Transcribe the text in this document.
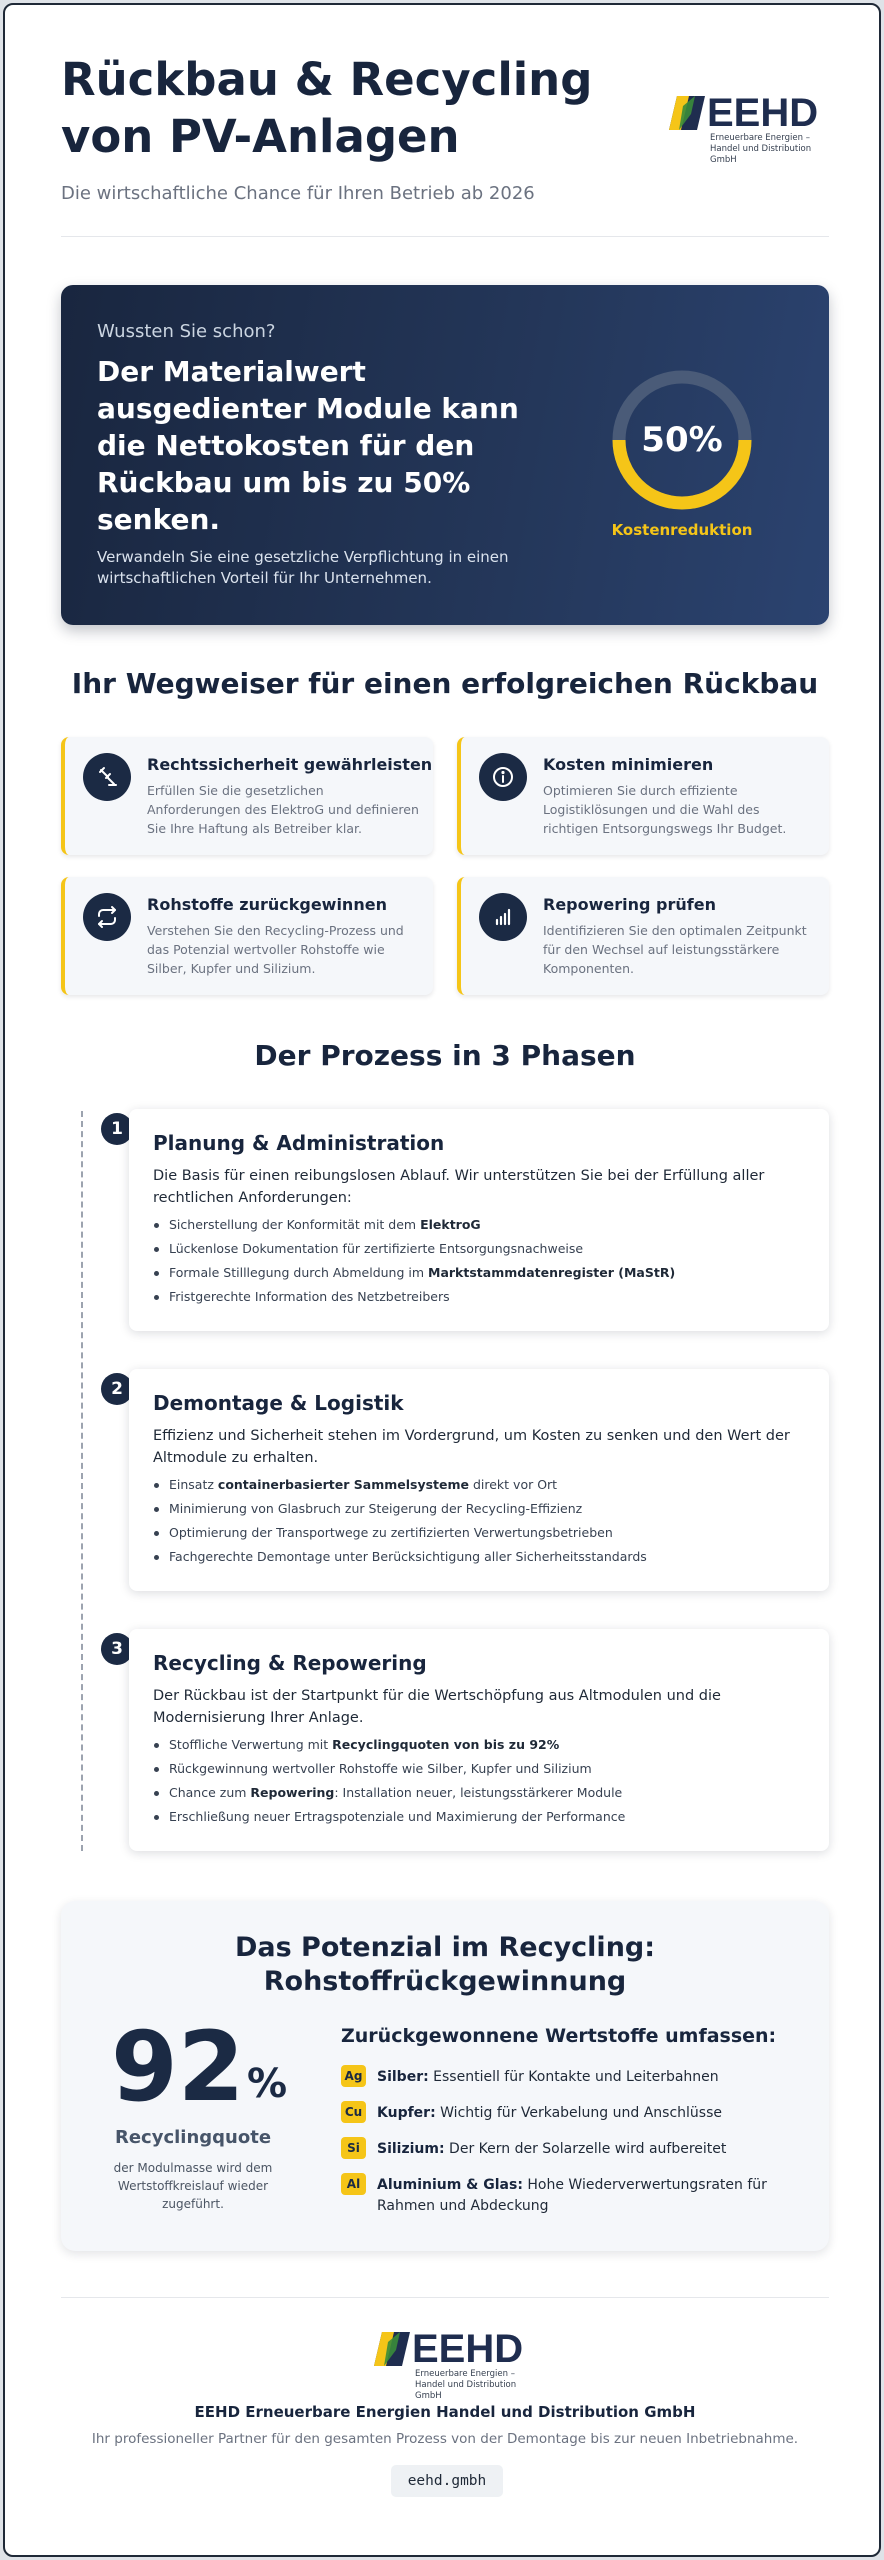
Rückbau & Recycling von PV-Anlagen
Die wirtschaftliche Chance für Ihren Betrieb ab 2026
EEHD
Erneuerbare Energien –
Handel und Distribution GmbH
Wussten Sie schon?
Der Materialwert ausgedienter Module kann die Nettokosten für den Rückbau um bis zu 50% senken.
Verwandeln Sie eine gesetzliche Verpflichtung in einen wirtschaftlichen Vorteil für Ihr Unternehmen.
50%
Kostenreduktion
Ihr Wegweiser für einen erfolgreichen Rückbau
Rechtssicherheit gewährleisten
Erfüllen Sie die gesetzlichen Anforderungen des ElektroG und definieren Sie Ihre Haftung als Betreiber klar.
Kosten minimieren
Optimieren Sie durch effiziente Logistiklösungen und die Wahl des richtigen Entsorgungswegs Ihr Budget.
Rohstoffe zurückgewinnen
Verstehen Sie den Recycling-Prozess und das Potenzial wertvoller Rohstoffe wie Silber, Kupfer und Silizium.
Repowering prüfen
Identifizieren Sie den optimalen Zeitpunkt für den Wechsel auf leistungsstärkere Komponenten.
Der Prozess in 3 Phasen
1
Planung & Administration
Die Basis für einen reibungslosen Ablauf. Wir unterstützen Sie bei der Erfüllung aller rechtlichen Anforderungen:
Sicherstellung der Konformität mit dem ElektroG
Lückenlose Dokumentation für zertifizierte Entsorgungsnachweise
Formale Stilllegung durch Abmeldung im Marktstammdatenregister (MaStR)
Fristgerechte Information des Netzbetreibers
2
Demontage & Logistik
Effizienz und Sicherheit stehen im Vordergrund, um Kosten zu senken und den Wert der Altmodule zu erhalten.
Einsatz containerbasierter Sammelsysteme direkt vor Ort
Minimierung von Glasbruch zur Steigerung der Recycling-Effizienz
Optimierung der Transportwege zu zertifizierten Verwertungsbetrieben
Fachgerechte Demontage unter Berücksichtigung aller Sicherheitsstandards
3
Recycling & Repowering
Der Rückbau ist der Startpunkt für die Wertschöpfung aus Altmodulen und die Modernisierung Ihrer Anlage.
Stoffliche Verwertung mit Recyclingquoten von bis zu 92%
Rückgewinnung wertvoller Rohstoffe wie Silber, Kupfer und Silizium
Chance zum Repowering: Installation neuer, leistungsstärkerer Module
Erschließung neuer Ertragspotenziale und Maximierung der Performance
Das Potenzial im Recycling:
Rohstoffrückgewinnung
92 %
Recyclingquote
der Modulmasse wird dem Wertstoffkreislauf wieder zugeführt.
Zurückgewonnene Wertstoffe umfassen:
Ag Silber: Essentiell für Kontakte und Leiterbahnen
Cu Kupfer: Wichtig für Verkabelung und Anschlüsse
Si	Silizium: Der Kern der Solarzelle wird aufbereitet
Al	Aluminium & Glas: Hohe Wiederverwertungsraten für Rahmen und Abdeckung
EEHD
Erneuerbare Energien –
Handel und Distribution GmbH
EEHD Erneuerbare Energien Handel und Distribution GmbH
Ihr professioneller Partner für den gesamten Prozess von der Demontage bis zur neuen Inbetriebnahme.
eehd.gmbh
